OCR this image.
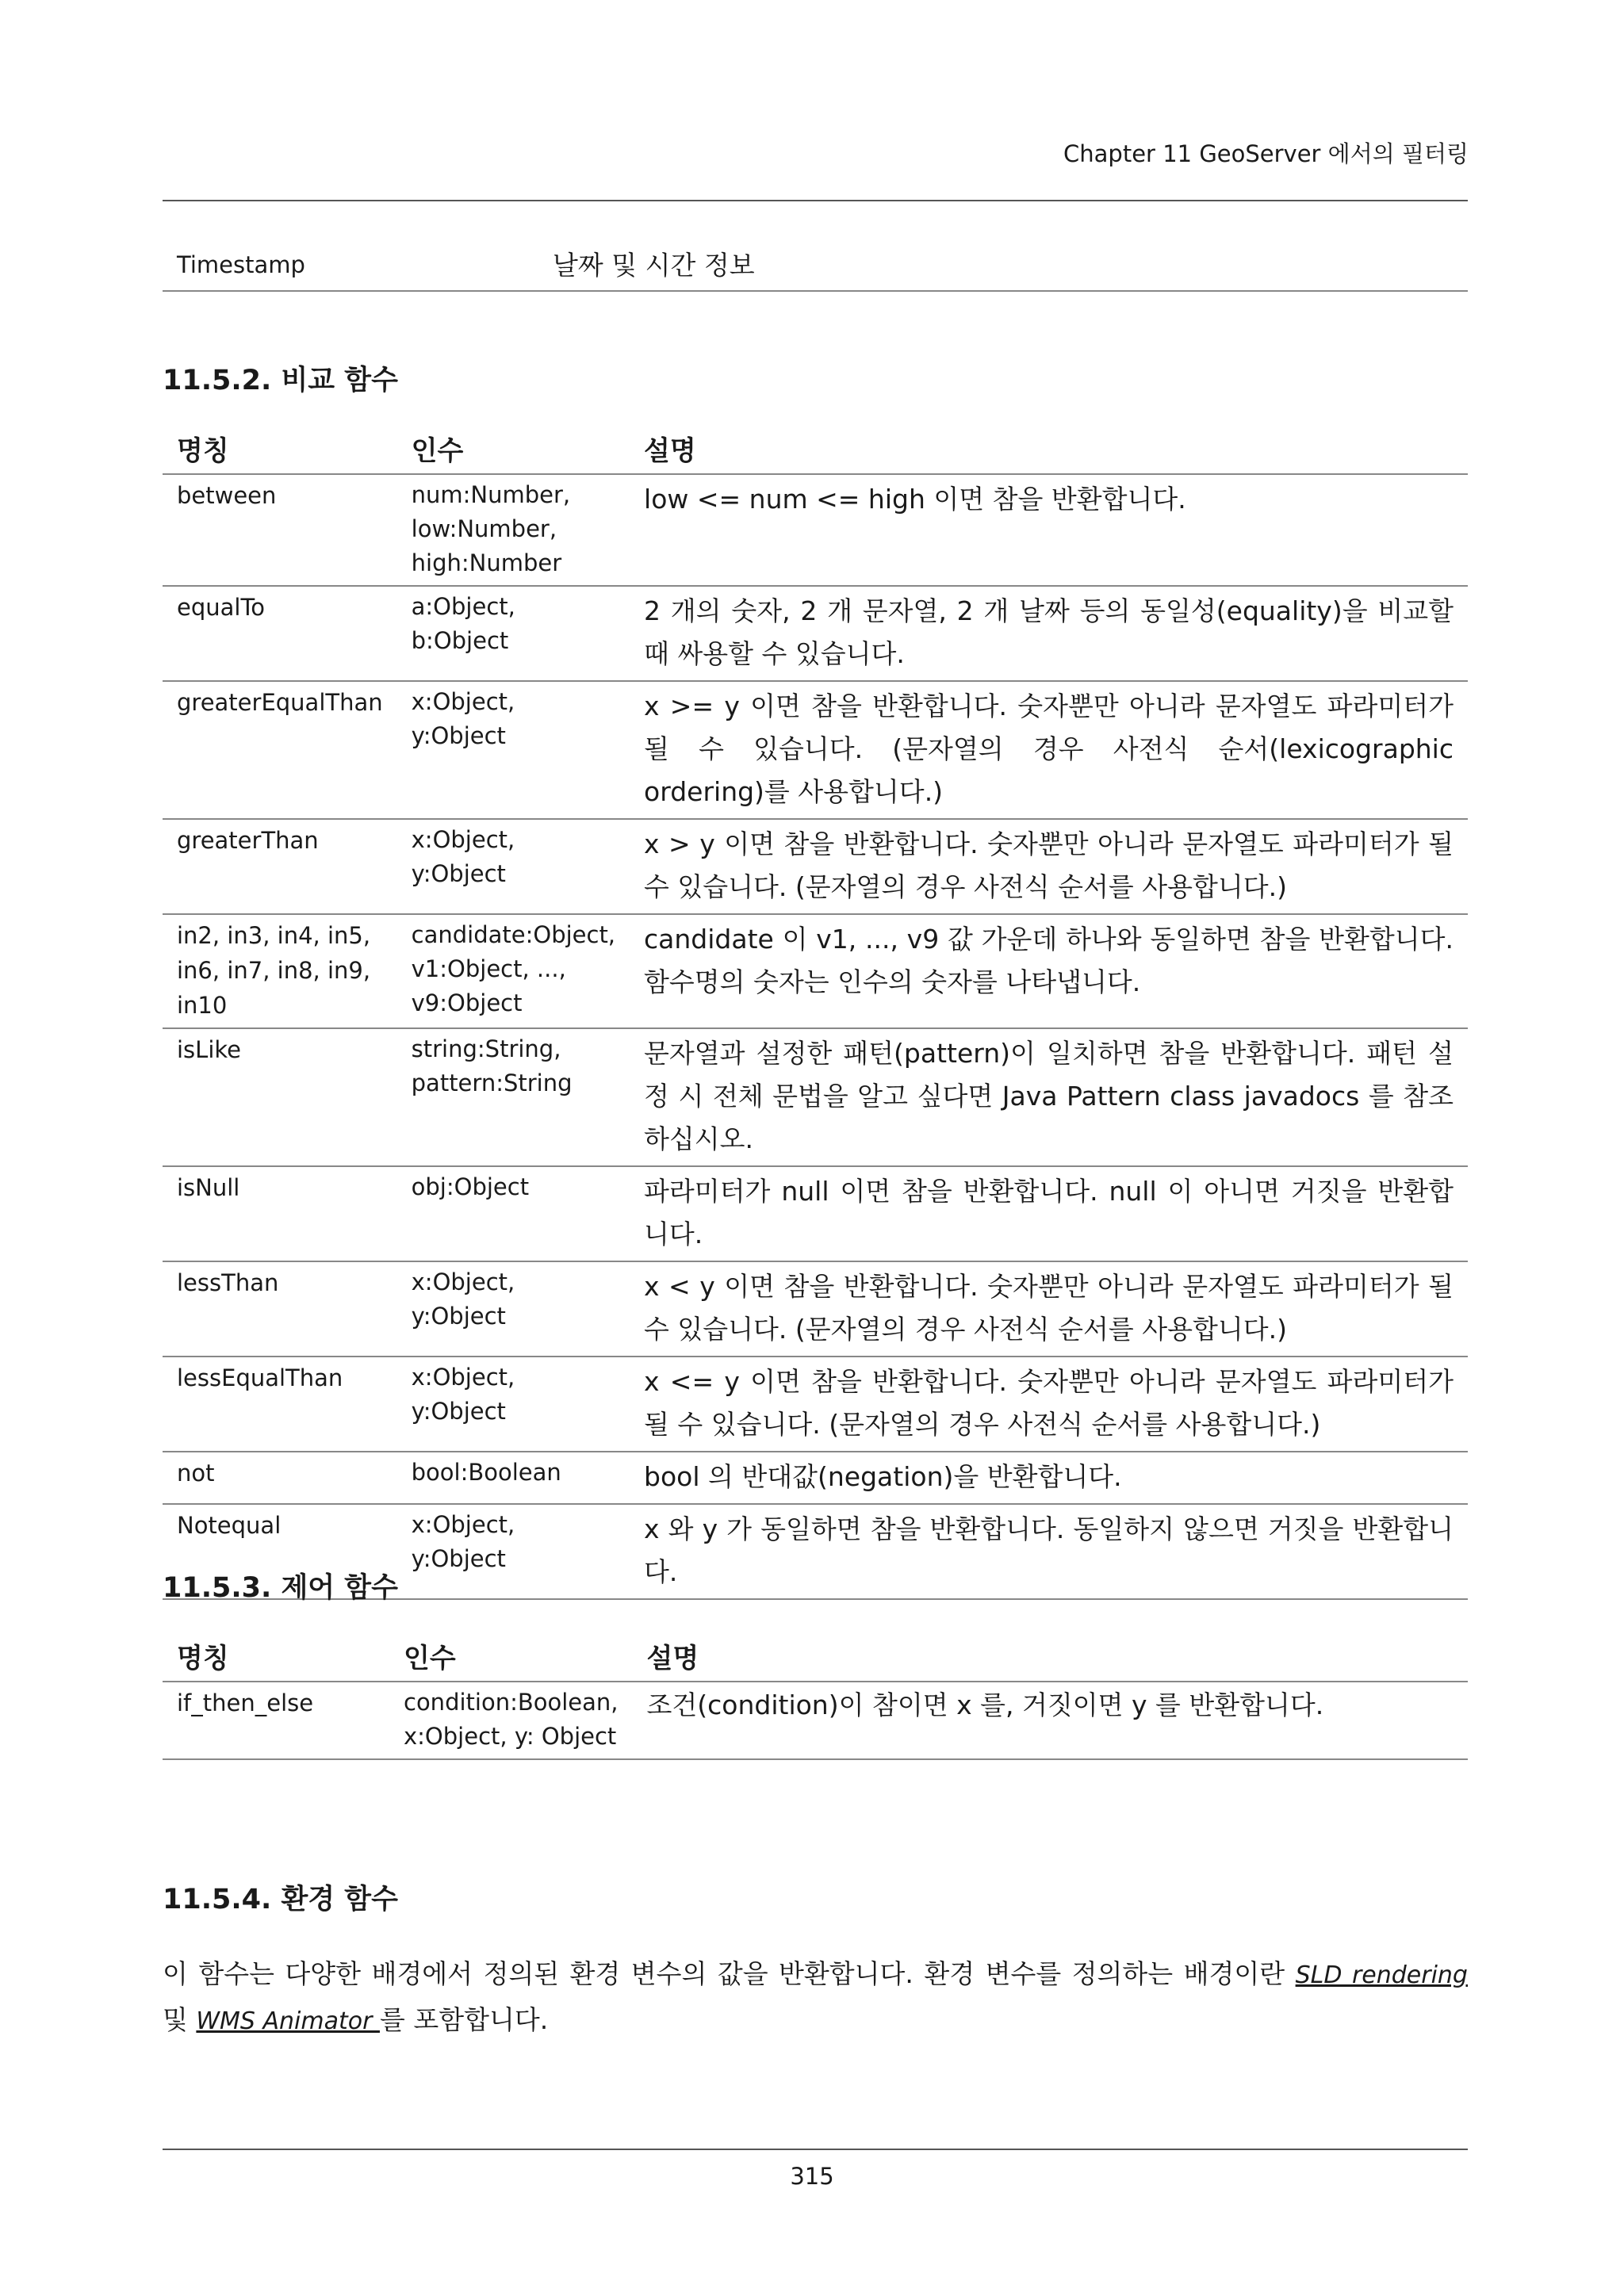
Chapter 11 GeoServer 에서의 필터링
Timestamp	날짜 및 시간 정보
11.5.2. 비교 함수
명칭	인수	설명
between	num:Number,
low:Number,
high:Number	low <= num <= high 이면 참을 반환합니다.
equalTo	a:Object,
b:Object	2 개의 숫자, 2 개 문자열, 2 개 날짜 등의 동일성(equality)을 비교할 때 싸용할 수 있습니다.
greaterEqualThan	x:Object,
y:Object	x >= y 이면 참을 반환합니다. 숫자뿐만 아니라 문자열도 파라미터가 될 수 있습니다. (문자열의 경우 사전식 순서(lexicographic ordering)를 사용합니다.)
greaterThan	x:Object,
y:Object	x > y 이면 참을 반환합니다. 숫자뿐만 아니라 문자열도 파라미터가 될 수 있습니다. (문자열의 경우 사전식 순서를 사용합니다.)
in2, in3, in4, in5, in6, in7, in8, in9, in10	candidate:Object,
v1:Object, ...,
v9:Object	candidate 이 v1, ..., v9 값 가운데 하나와 동일하면 참을 반환합니다. 함수명의 숫자는 인수의 숫자를 나타냅니다.
isLike	string:String,
pattern:String	문자열과 설정한 패턴(pattern)이 일치하면 참을 반환합니다. 패턴 설정 시 전체 문법을 알고 싶다면 Java Pattern class javadocs 를 참조하십시오.
isNull	obj:Object	파라미터가 null 이면 참을 반환합니다. null 이 아니면 거짓을 반환합니다.
lessThan	x:Object,
y:Object	x < y 이면 참을 반환합니다. 숫자뿐만 아니라 문자열도 파라미터가 될 수 있습니다. (문자열의 경우 사전식 순서를 사용합니다.)
lessEqualThan	x:Object,
y:Object	x <= y 이면 참을 반환합니다. 숫자뿐만 아니라 문자열도 파라미터가 될 수 있습니다. (문자열의 경우 사전식 순서를 사용합니다.)
not	bool:Boolean	bool 의 반대값(negation)을 반환합니다.
Notequal	x:Object,
y:Object	x 와 y 가 동일하면 참을 반환합니다. 동일하지 않으면 거짓을 반환합니다.
11.5.3. 제어 함수
명칭	인수	설명
if_then_else	condition:Boolean,
x:Object, y: Object	조건(condition)이 참이면 x 를, 거짓이면 y 를 반환합니다.
11.5.4. 환경 함수
이 함수는 다양한 배경에서 정의된 환경 변수의 값을 반환합니다. 환경 변수를 정의하는 배경이란 SLD rendering 및 WMS Animator 를 포함합니다.
315
